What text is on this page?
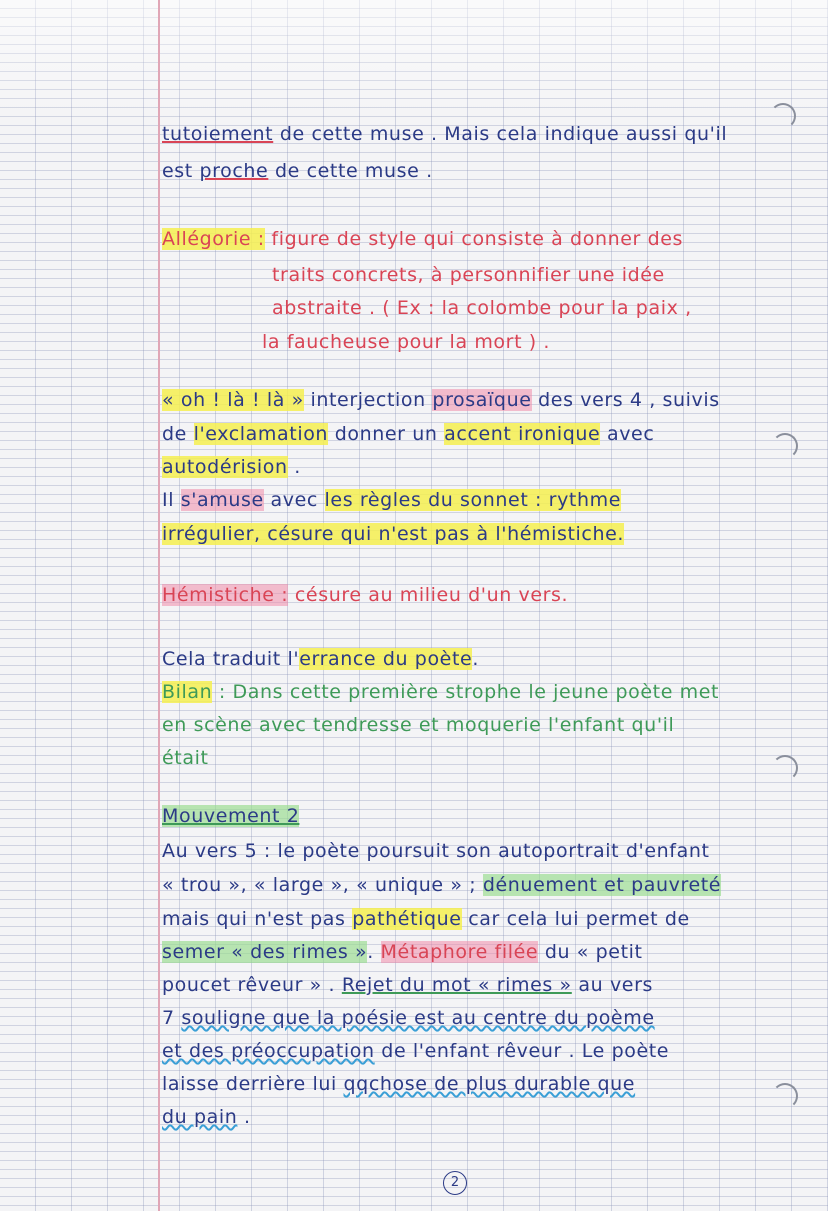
tutoiement de cette muse . Mais cela indique aussi qu'il
est proche de cette muse .
Allégorie : figure de style qui consiste à donner des
traits concrets, à personnifier une idée
abstraite . ( Ex : la colombe pour la paix ,
la faucheuse pour la mort ) .
« oh ! là ! là » interjection prosaïque des vers 4 , suivis
de l'exclamation donner un accent ironique avec
autodérision .
Il s'amuse avec les règles du sonnet : rythme
irrégulier, césure qui n'est pas à l'hémistiche.
Hémistiche : césure au milieu d'un vers.
Cela traduit l'errance du poète.
Bilan : Dans cette première strophe le jeune poète met
en scène avec tendresse et moquerie l'enfant qu'il
était
Mouvement 2
Au vers 5 : le poète poursuit son autoportrait d'enfant
« trou », « large », « unique » ; dénuement et pauvreté
mais qui n'est pas pathétique car cela lui permet de
semer « des rimes ». Métaphore filée du « petit
poucet rêveur » . Rejet du mot « rimes » au vers
7 souligne que la poésie est au centre du poème
et des préoccupation de l'enfant rêveur . Le poète
laisse derrière lui qqchose de plus durable que
du pain .
2
